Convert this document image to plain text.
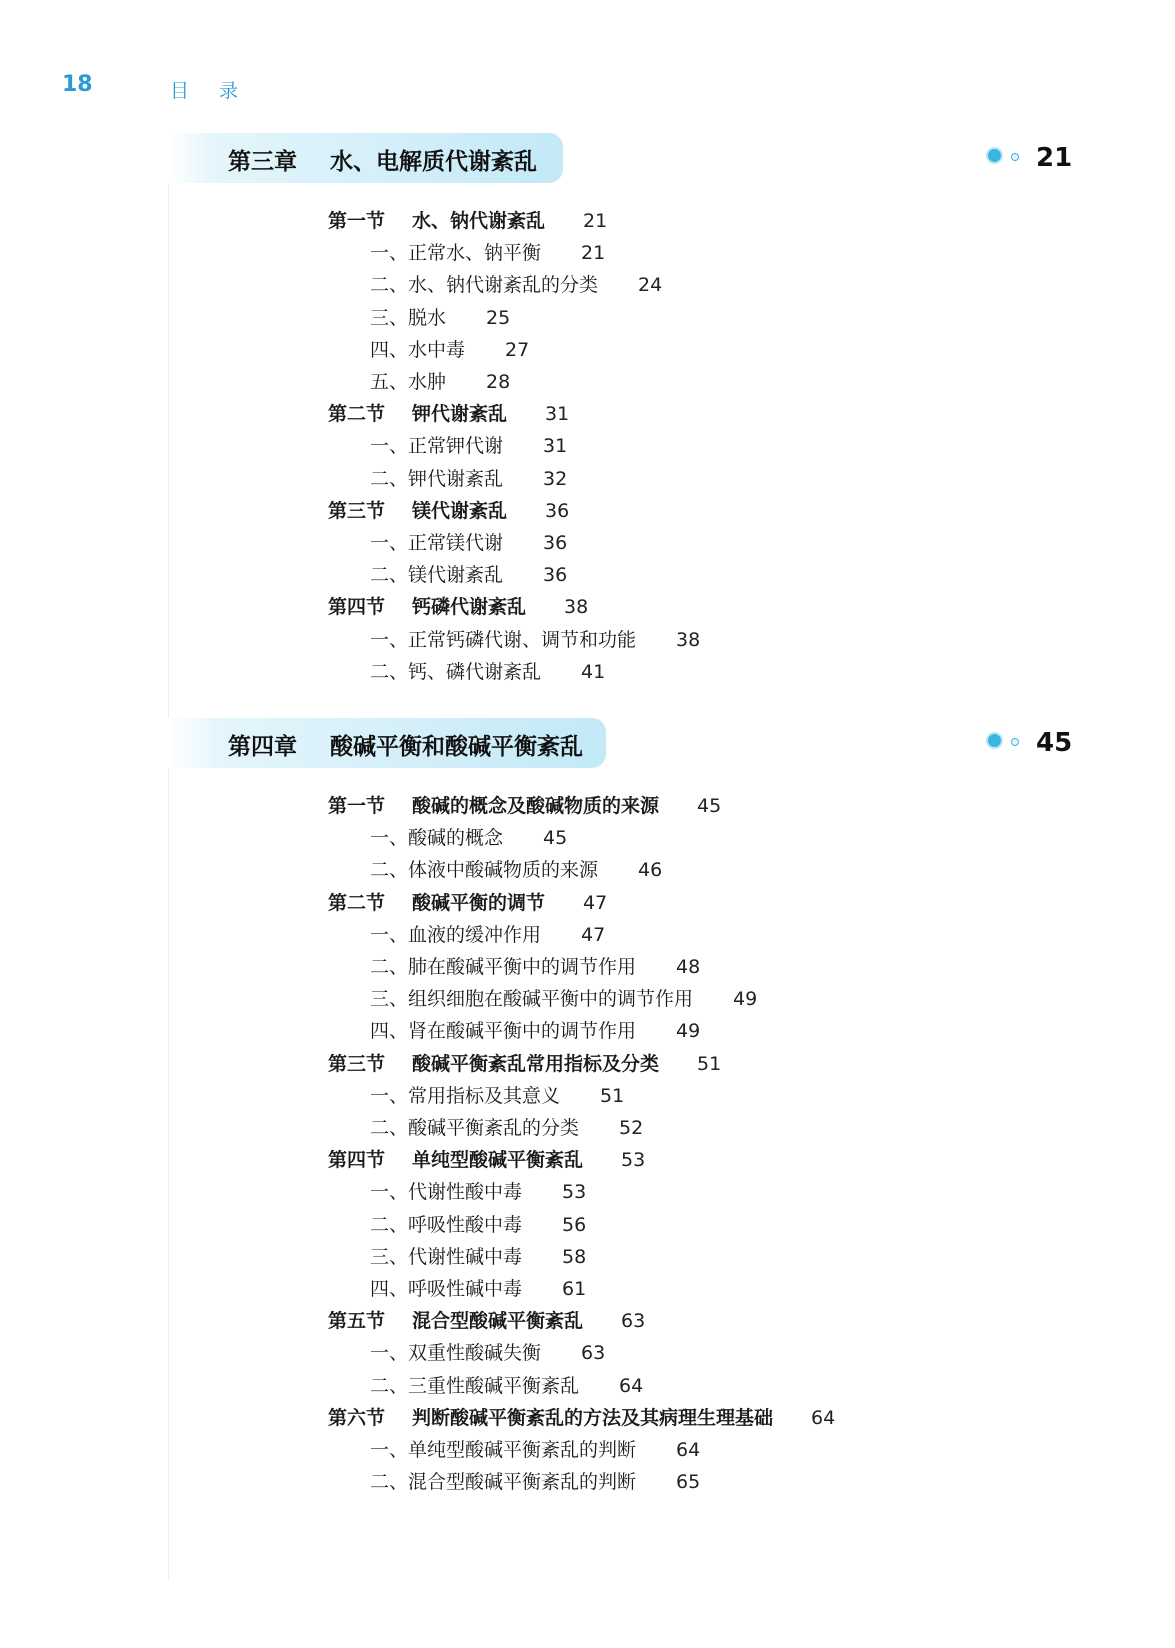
18	目录
第三章 水、电解质代谢紊乱	21
第一节 水、钠代谢紊乱 21
一、正常水、钠平衡 21
二、水、钠代谢紊乱的分类 24
三、脱水 25
四、水中毒 27
五、水肿 28
第二节 钾代谢紊乱 31
一、正常钾代谢 31
二、钾代谢紊乱 32
第三节 镁代谢紊乱 36
一、正常镁代谢 36
二、镁代谢紊乱 36
第四节 钙磷代谢紊乱 38
一、正常钙磷代谢、调节和功能 38
二、钙、磷代谢紊乱 41
第四章 酸碱平衡和酸碱平衡紊乱	45
第一节 酸碱的概念及酸碱物质的来源 45
一、酸碱的概念 45
二、体液中酸碱物质的来源 46
第二节 酸碱平衡的调节 47
一、血液的缓冲作用 47
二、肺在酸碱平衡中的调节作用 48
三、组织细胞在酸碱平衡中的调节作用 49
四、肾在酸碱平衡中的调节作用 49
第三节 酸碱平衡紊乱常用指标及分类 51
一、常用指标及其意义 51
二、酸碱平衡紊乱的分类 52
第四节 单纯型酸碱平衡紊乱 53
一、代谢性酸中毒 53
二、呼吸性酸中毒 56
三、代谢性碱中毒 58
四、呼吸性碱中毒 61
第五节 混合型酸碱平衡紊乱 63
一、双重性酸碱失衡 63
二、三重性酸碱平衡紊乱 64
第六节 判断酸碱平衡紊乱的方法及其病理生理基础 64
一、单纯型酸碱平衡紊乱的判断 64
二、混合型酸碱平衡紊乱的判断 65
